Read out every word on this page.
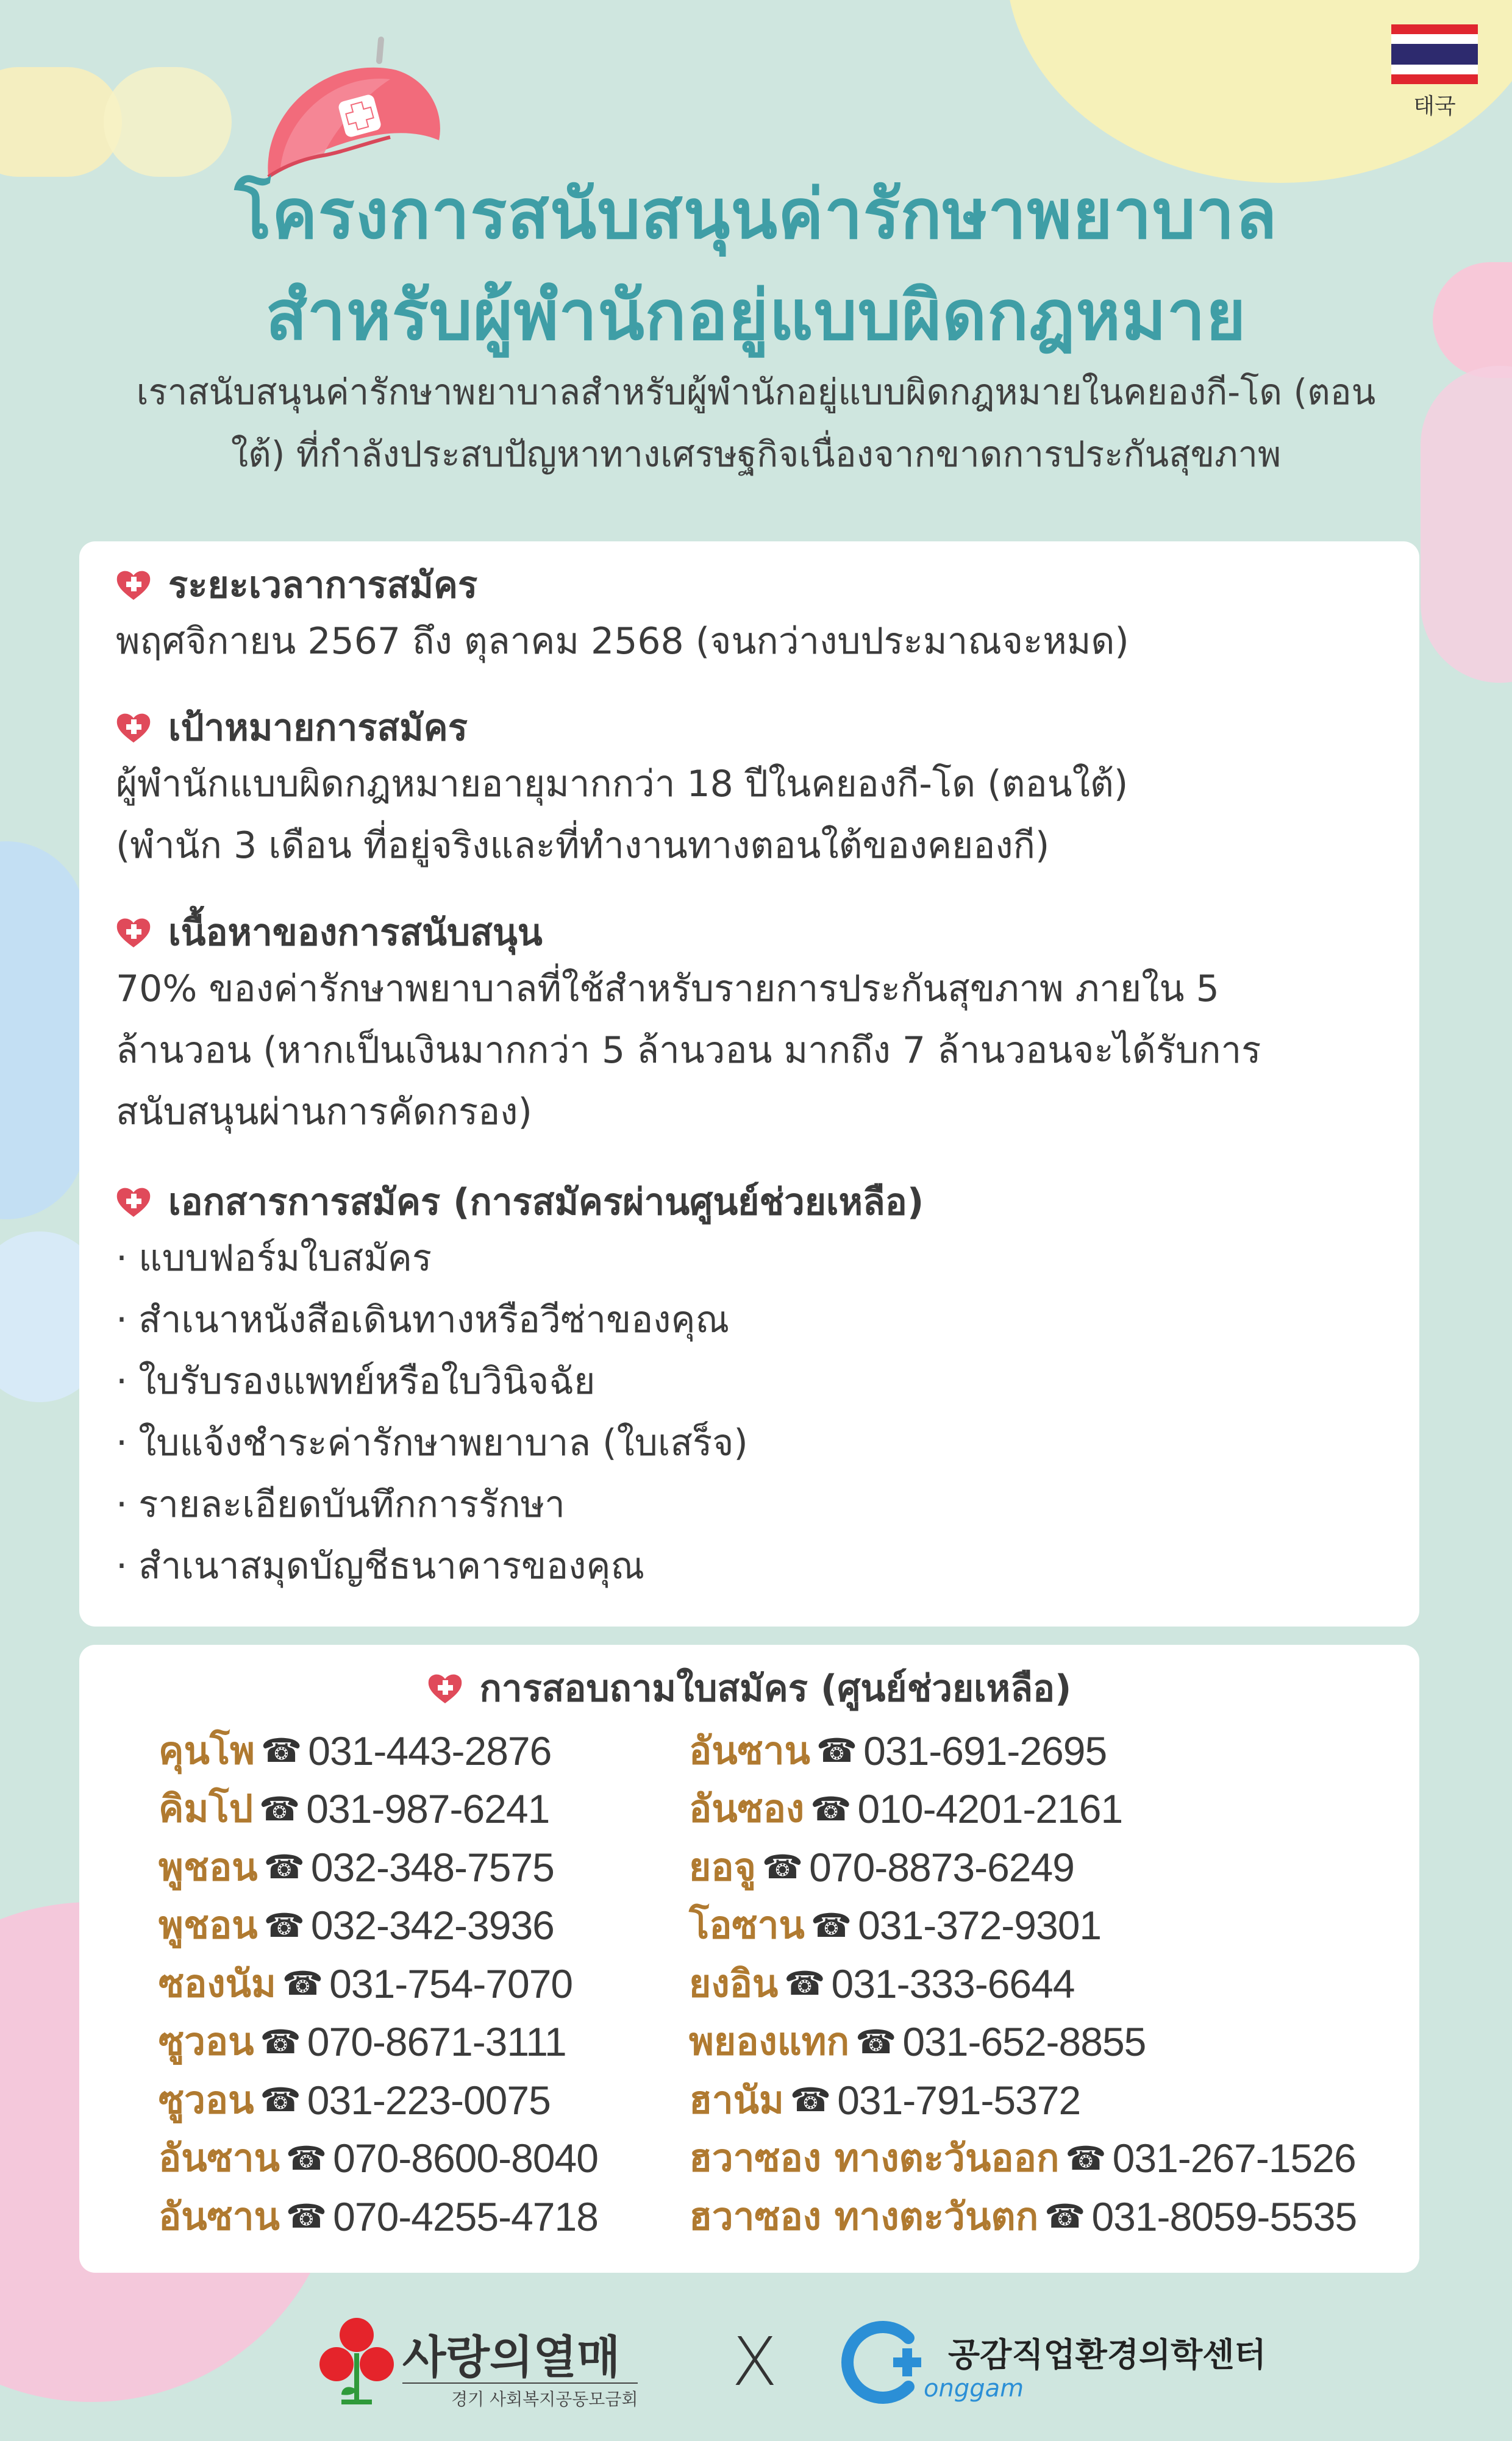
태국
โครงการสนับสนุนค่ารักษาพยาบาล
สำหรับผู้พำนักอยู่แบบผิดกฎหมาย
เราสนับสนุนค่ารักษาพยาบาลสำหรับผู้พำนักอยู่แบบผิดกฎหมายในคยองกี-โด (ตอนใต้) ที่กำลังประสบปัญหาทางเศรษฐกิจเนื่องจากขาดการประกันสุขภาพ
ระยะเวลาการสมัคร
พฤศจิกายน 2567 ถึง ตุลาคม 2568 (จนกว่างบประมาณจะหมด)
เป้าหมายการสมัคร
ผู้พำนักแบบผิดกฎหมายอายุมากกว่า 18 ปีในคยองกี-โด (ตอนใต้)
(พำนัก 3 เดือน ที่อยู่จริงและที่ทำงานทางตอนใต้ของคยองกี)
เนื้อหาของการสนับสนุน
70% ของค่ารักษาพยาบาลที่ใช้สำหรับรายการประกันสุขภาพ ภายใน 5
ล้านวอน (หากเป็นเงินมากกว่า 5 ล้านวอน มากถึง 7 ล้านวอนจะได้รับการ
สนับสนุนผ่านการคัดกรอง)
เอกสารการสมัคร (การสมัครผ่านศูนย์ช่วยเหลือ)
· แบบฟอร์มใบสมัคร
· สำเนาหนังสือเดินทางหรือวีซ่าของคุณ
· ใบรับรองแพทย์หรือใบวินิจฉัย
· ใบแจ้งชำระค่ารักษาพยาบาล (ใบเสร็จ)
· รายละเอียดบันทึกการรักษา
· สำเนาสมุดบัญชีธนาคารของคุณ
การสอบถามใบสมัคร (ศูนย์ช่วยเหลือ)
คุนโพ ☎ 031-443-2876
คิมโป ☎ 031-987-6241
พูชอน ☎ 032-348-7575
พูชอน ☎ 032-342-3936
ซองนัม ☎ 031-754-7070
ซูวอน ☎ 070-8671-3111
ซูวอน ☎ 031-223-0075
อันซาน ☎ 070-8600-8040
อันซาน ☎ 070-4255-4718
อันซาน ☎ 031-691-2695
อันซอง ☎ 010-4201-2161
ยอจู ☎ 070-8873-6249
โอซาน ☎ 031-372-9301
ยงอิน ☎ 031-333-6644
พยองแทก ☎ 031-652-8855
ฮานัม ☎ 031-791-5372
ฮวาซอง ทางตะวันออก ☎ 031-267-1526
ฮวาซอง ทางตะวันตก ☎ 031-8059-5535
사랑의열매
경기 사회복지공동모금회 X	공감직업환경의학센터
onggam
